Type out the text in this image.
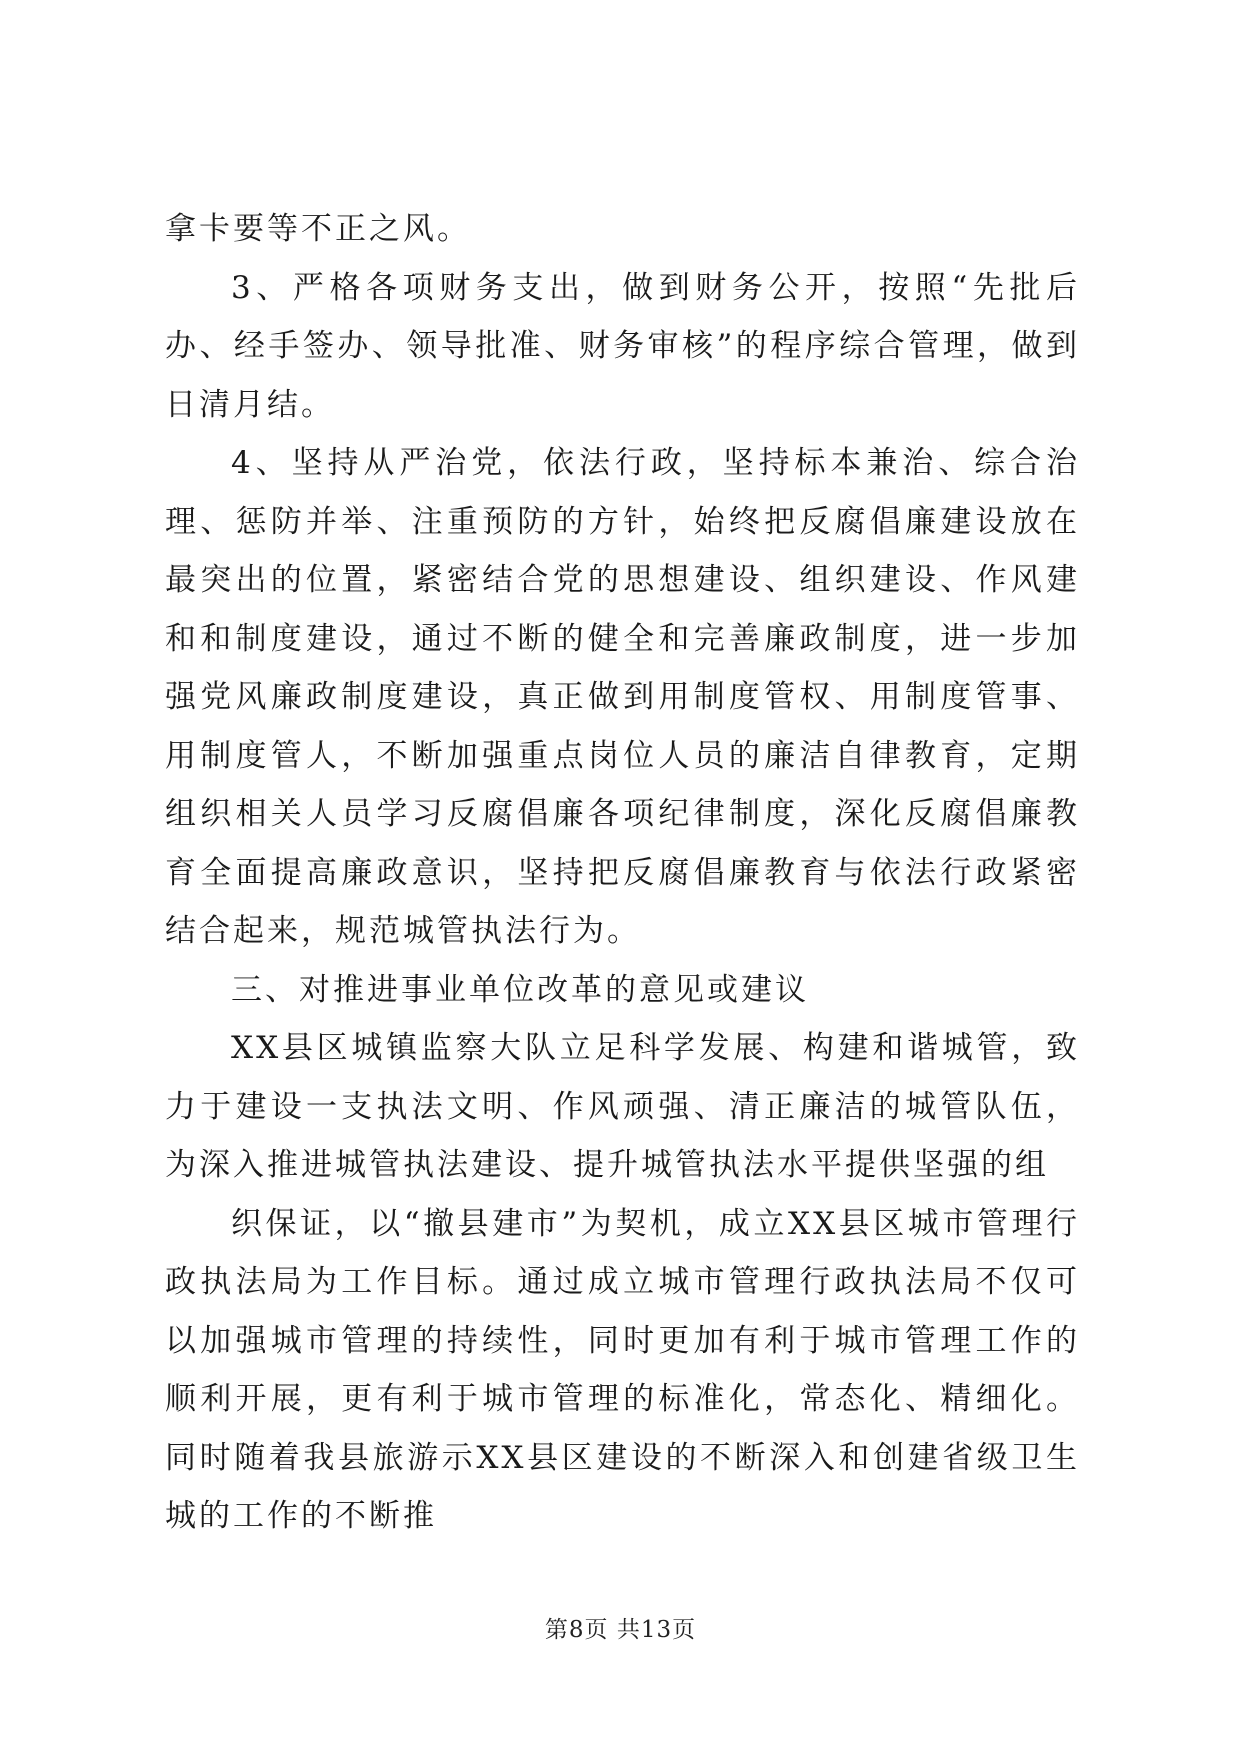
拿卡要等不正之风。

3、严格各项财务支出，做到财务公开，按照“先批后办、经手签办、领导批准、财务审核”的程序综合管理，做到日清月结。

4、坚持从严治党，依法行政，坚持标本兼治、综合治理、惩防并举、注重预防的方针，始终把反腐倡廉建设放在最突出的位置，紧密结合党的思想建设、组织建设、作风建和和制度建设，通过不断的健全和完善廉政制度，进一步加强党风廉政制度建设，真正做到用制度管权、用制度管事、用制度管人，不断加强重点岗位人员的廉洁自律教育，定期组织相关人员学习反腐倡廉各项纪律制度，深化反腐倡廉教育全面提高廉政意识，坚持把反腐倡廉教育与依法行政紧密结合起来，规范城管执法行为。

三、对推进事业单位改革的意见或建议

XX县区城镇监察大队立足科学发展、构建和谐城管，致力于建设一支执法文明、作风顽强、清正廉洁的城管队伍，为深入推进城管执法建设、提升城管执法水平提供坚强的组

织保证，以“撤县建市”为契机，成立XX县区城市管理行政执法局为工作目标。通过成立城市管理行政执法局不仅可以加强城市管理的持续性，同时更加有利于城市管理工作的顺利开展，更有利于城市管理的标准化，常态化、精细化。同时随着我县旅游示XX县区建设的不断深入和创建省级卫生城的工作的不断推

第8页 共13页
